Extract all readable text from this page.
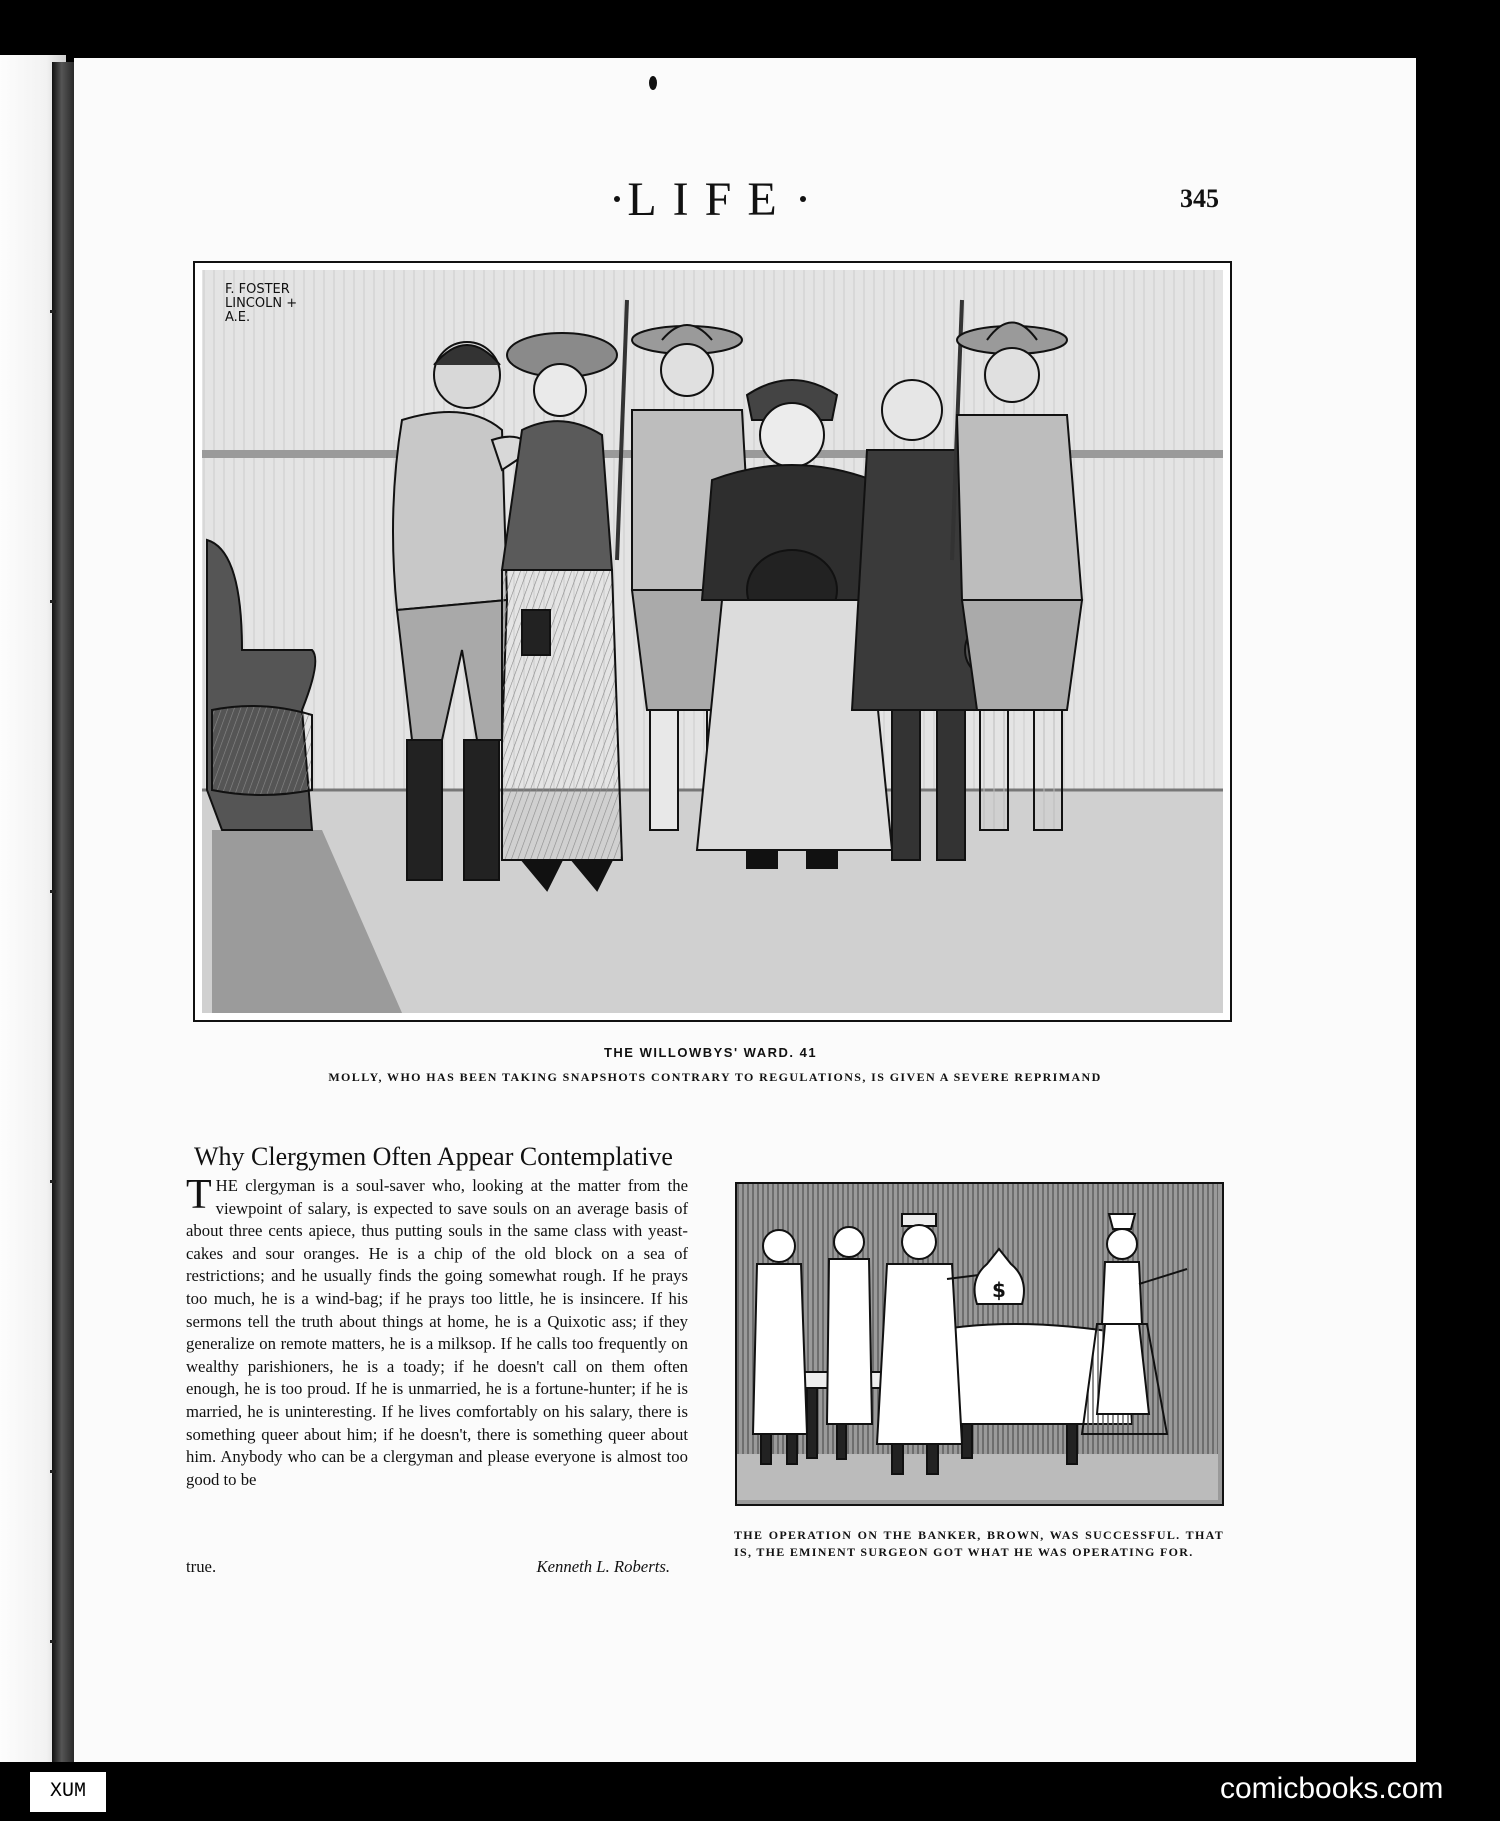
LIFE	345
F. FOSTER LINCOLN + A.E.
THE WILLOWBYS' WARD. 41
MOLLY, WHO HAS BEEN TAKING SNAPSHOTS CONTRARY TO REGULATIONS, IS GIVEN A SEVERE REPRIMAND
Why Clergymen Often Appear Contemplative
THE clergyman is a soul-saver who, looking at the matter from the viewpoint of salary, is expected to save souls on an average basis of about three cents apiece, thus putting souls in the same class with yeast-cakes and sour oranges. He is a chip of the old block on a sea of restrictions; and he usually finds the going somewhat rough. If he prays too much, he is a wind-bag; if he prays too little, he is insincere. If his sermons tell the truth about things at home, he is a Quixotic ass; if they generalize on remote matters, he is a milksop. If he calls too frequently on wealthy parishioners, he is a toady; if he doesn't call on them often enough, he is too proud. If he is unmarried, he is a fortune-hunter; if he is married, he is uninteresting. If he lives comfortably on his salary, there is something queer about him; if he doesn't, there is something queer about him. Anybody who can be a clergyman and please everyone is almost too good to be
true.	Kenneth L. Roberts.
$
THE OPERATION ON THE BANKER, BROWN, WAS SUCCESSFUL. THAT IS, THE EMINENT SURGEON GOT WHAT HE WAS OPERATING FOR.
XUM	comicbooks.com
